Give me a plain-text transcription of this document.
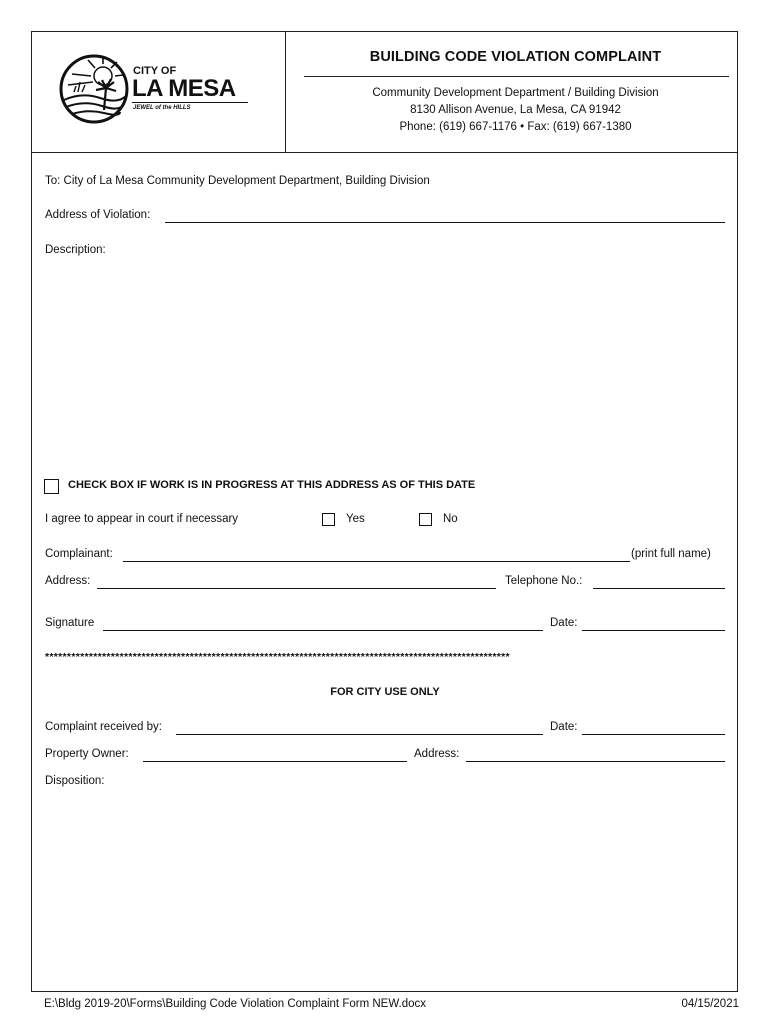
CITY OF
LA MESA
JEWEL of the HILLS
BUILDING CODE VIOLATION COMPLAINT
Community Development Department / Building Division
8130 Allison Avenue, La Mesa, CA 91942
Phone: (619) 667-1176 • Fax: (619) 667-1380
To: City of La Mesa Community Development Department, Building Division
Address of Violation:
Description:
CHECK BOX IF WORK IS IN PROGRESS AT THIS ADDRESS AS OF THIS DATE
I agree to appear in court if necessary	Yes	No
Complainant:	(print full name)
Address:	Telephone No.:
Signature	Date:
**********************************************************************************************************
FOR CITY USE ONLY
Complaint received by:	Date:
Property Owner:	Address:
Disposition:
E:\Bldg 2019-20\Forms\Building Code Violation Complaint Form NEW.docx	04/15/2021
